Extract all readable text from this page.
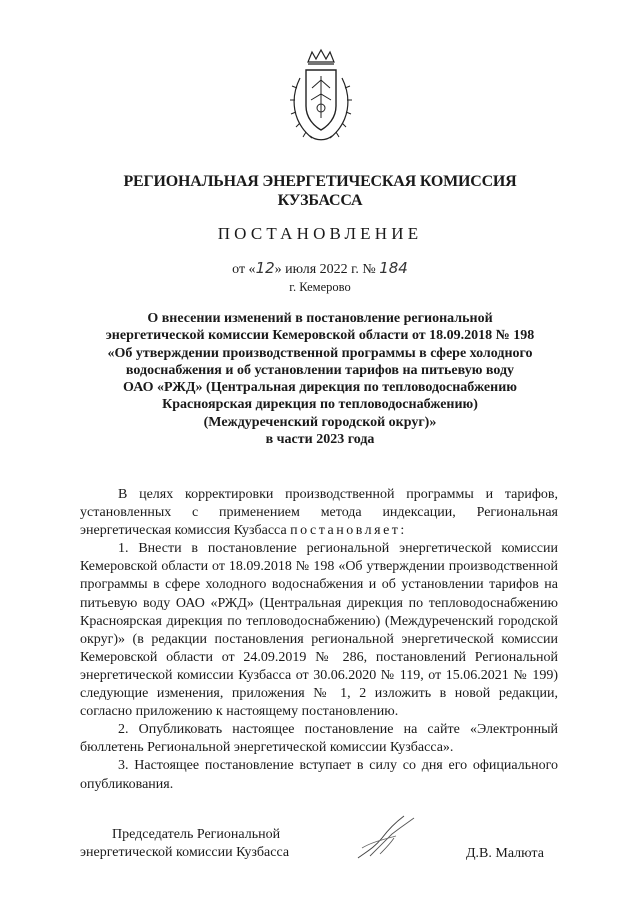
РЕГИОНАЛЬНАЯ ЭНЕРГЕТИЧЕСКАЯ КОМИССИЯ
КУЗБАССА
ПОСТАНОВЛЕНИЕ
от «12» июля 2022 г. № 184
г. Кемерово
О внесении изменений в постановление региональной
энергетической комиссии Кемеровской области от 18.09.2018 № 198
«Об утверждении производственной программы в сфере холодного
водоснабжения и об установлении тарифов на питьевую воду
ОАО «РЖД» (Центральная дирекция по тепловодоснабжению
Красноярская дирекция по тепловодоснабжению)
(Междуреченский городской округ)»
в части 2023 года

В целях корректировки производственной программы и тарифов, установленных с применением метода индексации, Региональная энергетическая комиссия Кузбасса постановляет:

1. Внести в постановление региональной энергетической комиссии Кемеровской области от 18.09.2018 № 198 «Об утверждении производственной программы в сфере холодного водоснабжения и об установлении тарифов на питьевую воду ОАО «РЖД» (Центральная дирекция по тепловодоснабжению Красноярская дирекция по тепловодоснабжению) (Междуреченский городской округ)» (в редакции постановления региональной энергетической комиссии Кемеровской области от 24.09.2019 № 286, постановлений Региональной энергетической комиссии Кузбасса от 30.06.2020 № 119, от 15.06.2021 № 199) следующие изменения, приложения № 1, 2 изложить в новой редакции, согласно приложению к настоящему постановлению.

2. Опубликовать настоящее постановление на сайте «Электронный бюллетень Региональной энергетической комиссии Кузбасса».

3. Настоящее постановление вступает в силу со дня его официального опубликования.

Председатель Региональной
энергетической комиссии Кузбасса	Д.В. Малюта
